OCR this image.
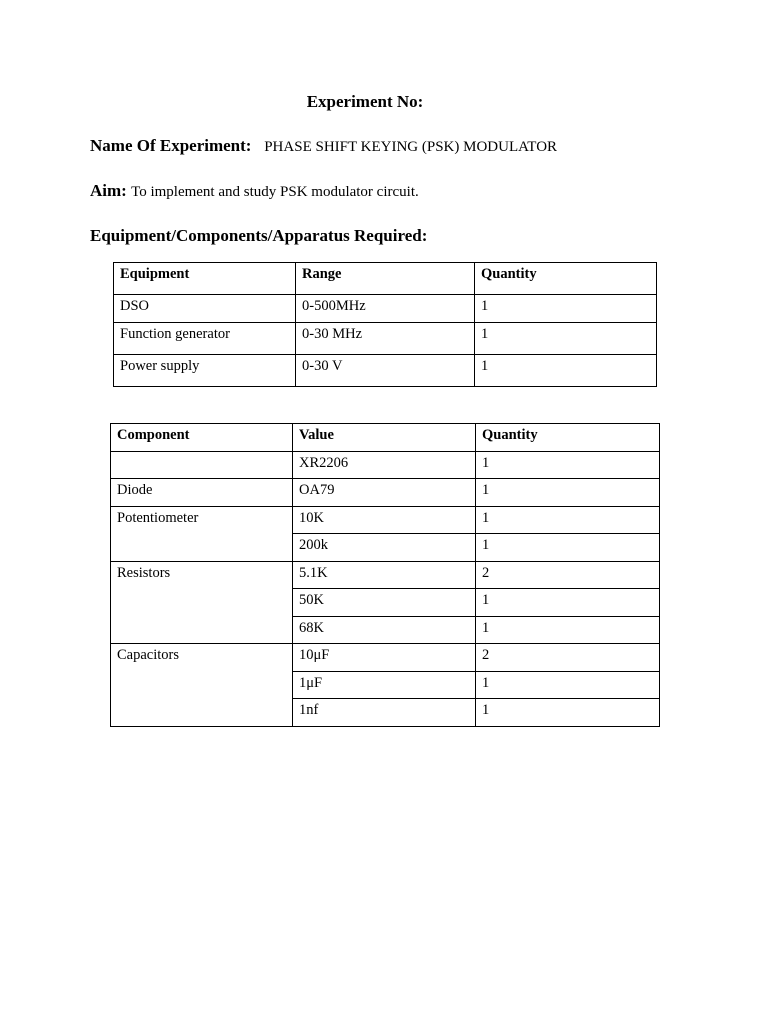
Experiment No:
Name Of Experiment: PHASE SHIFT KEYING (PSK) MODULATOR
Aim: To implement and study PSK modulator circuit.
Equipment/Components/Apparatus Required:
Equipment	Range	Quantity
DSO	0-500MHz	1
Function generator	0-30 MHz	1
Power supply	0-30 V	1
Component	Value	Quantity
	XR2206	1
Diode	OA79	1
Potentiometer	10K	1
	200k	1
Resistors	5.1K	2
	50K	1
	68K	1
Capacitors	10μF	2
	1μF	1
	1nf	1
